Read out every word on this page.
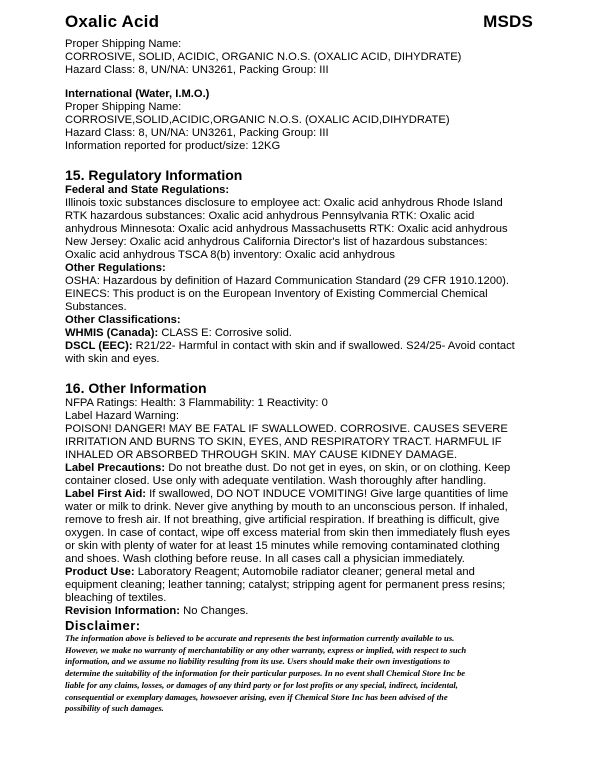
Oxalic Acid	MSDS
Proper Shipping Name:
CORROSIVE, SOLID, ACIDIC, ORGANIC N.O.S. (OXALIC ACID, DIHYDRATE)
Hazard Class: 8, UN/NA: UN3261, Packing Group: III
International (Water, I.M.O.)
Proper Shipping Name:
CORROSIVE,SOLID,ACIDIC,ORGANIC N.O.S. (OXALIC ACID,DIHYDRATE)
Hazard Class: 8, UN/NA: UN3261, Packing Group: III
Information reported for product/size: 12KG
15. Regulatory Information
Federal and State Regulations:
Illinois toxic substances disclosure to employee act: Oxalic acid anhydrous Rhode Island
RTK hazardous substances: Oxalic acid anhydrous Pennsylvania RTK: Oxalic acid
anhydrous Minnesota: Oxalic acid anhydrous Massachusetts RTK: Oxalic acid anhydrous
New Jersey: Oxalic acid anhydrous California Director's list of hazardous substances:
Oxalic acid anhydrous TSCA 8(b) inventory: Oxalic acid anhydrous
Other Regulations:
OSHA: Hazardous by definition of Hazard Communication Standard (29 CFR 1910.1200).
EINECS: This product is on the European Inventory of Existing Commercial Chemical
Substances.
Other Classifications:
WHMIS (Canada): CLASS E: Corrosive solid.
DSCL (EEC): R21/22- Harmful in contact with skin and if swallowed. S24/25- Avoid contact
with skin and eyes.
16. Other Information
NFPA Ratings: Health: 3 Flammability: 1 Reactivity: 0
Label Hazard Warning:
POISON! DANGER! MAY BE FATAL IF SWALLOWED. CORROSIVE. CAUSES SEVERE
IRRITATION AND BURNS TO SKIN, EYES, AND RESPIRATORY TRACT. HARMFUL IF
INHALED OR ABSORBED THROUGH SKIN. MAY CAUSE KIDNEY DAMAGE.
Label Precautions: Do not breathe dust. Do not get in eyes, on skin, or on clothing. Keep
container closed. Use only with adequate ventilation. Wash thoroughly after handling.
Label First Aid: If swallowed, DO NOT INDUCE VOMITING! Give large quantities of lime
water or milk to drink. Never give anything by mouth to an unconscious person. If inhaled,
remove to fresh air. If not breathing, give artificial respiration. If breathing is difficult, give
oxygen. In case of contact, wipe off excess material from skin then immediately flush eyes
or skin with plenty of water for at least 15 minutes while removing contaminated clothing
and shoes. Wash clothing before reuse. In all cases call a physician immediately.
Product Use: Laboratory Reagent; Automobile radiator cleaner; general metal and
equipment cleaning; leather tanning; catalyst; stripping agent for permanent press resins;
bleaching of textiles.
Revision Information: No Changes.
Disclaimer:
The information above is believed to be accurate and represents the best information currently available to us.
However, we make no warranty of merchantability or any other warranty, express or implied, with respect to such
information, and we assume no liability resulting from its use. Users should make their own investigations to
determine the suitability of the information for their particular purposes. In no event shall Chemical Store Inc be
liable for any claims, losses, or damages of any third party or for lost profits or any special, indirect, incidental,
consequential or exemplary damages, howsoever arising, even if Chemical Store Inc has been advised of the
possibility of such damages.
